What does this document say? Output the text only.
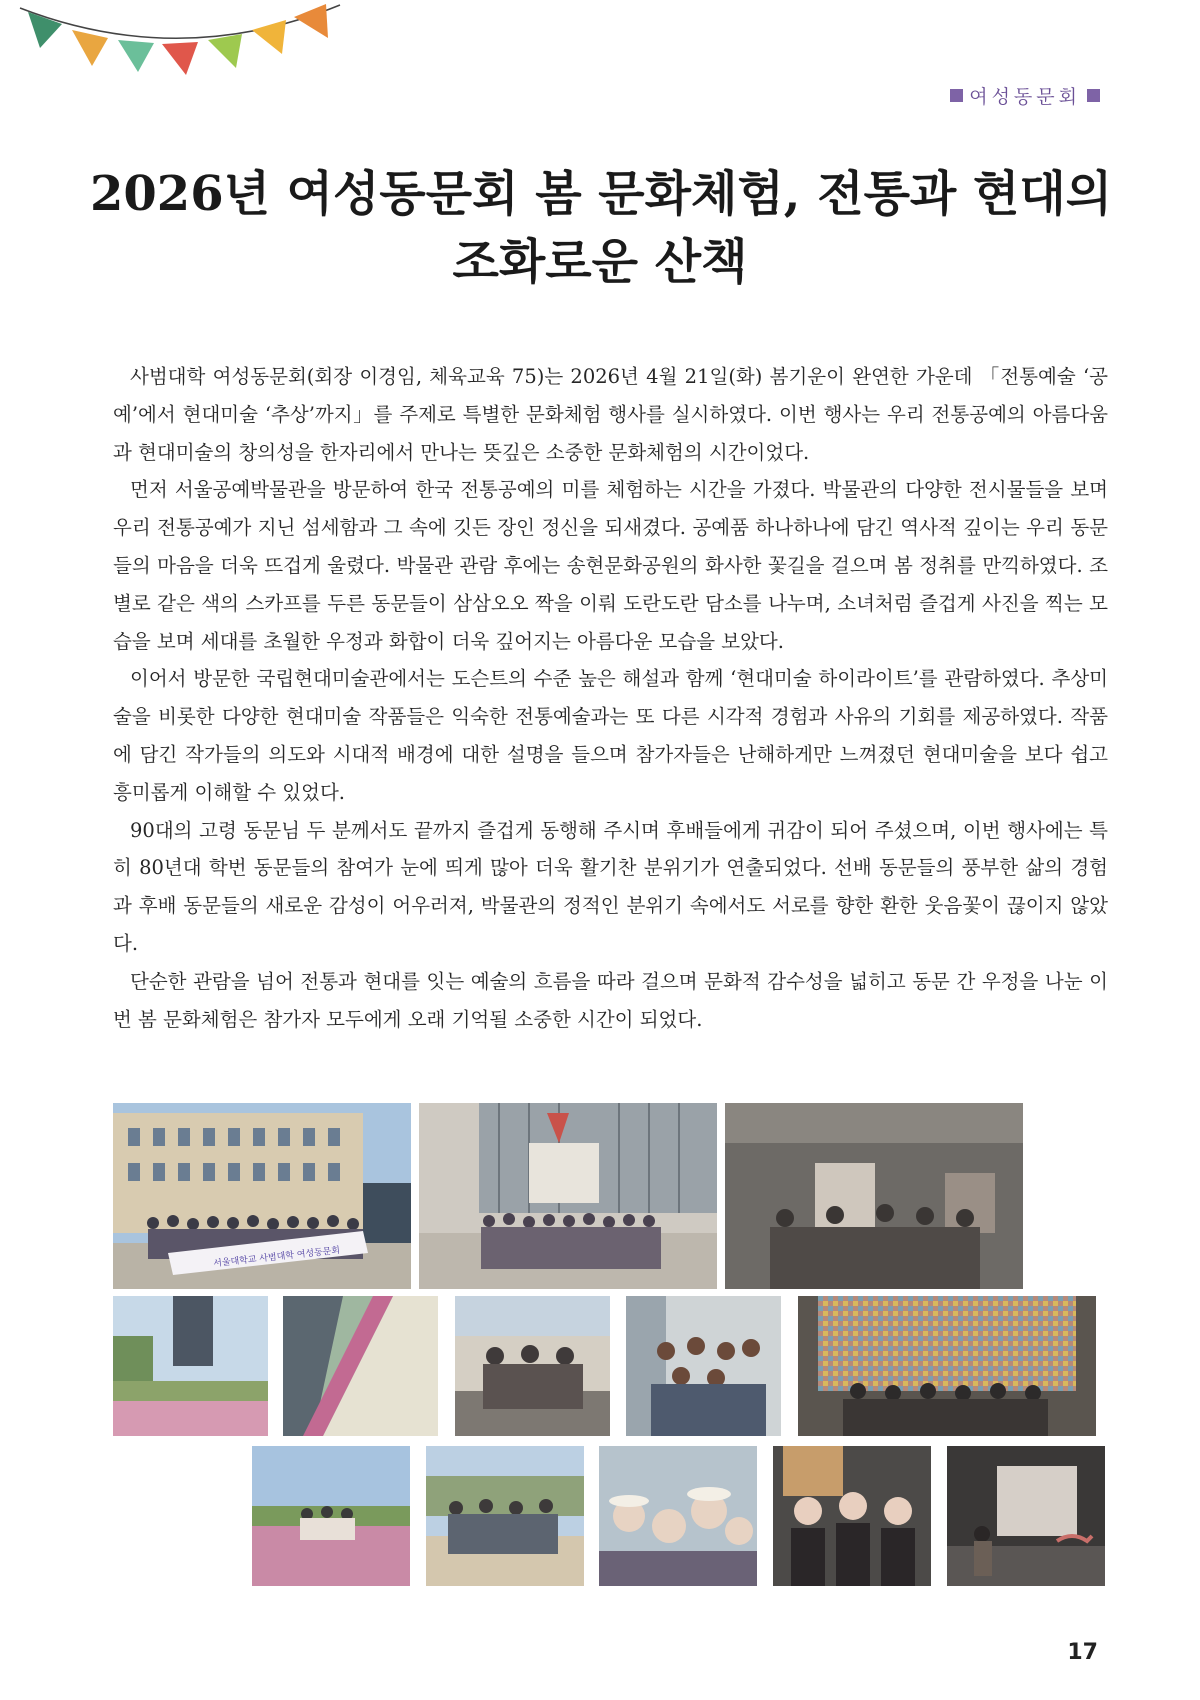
여성동문회
2026년 여성동문회 봄 문화체험, 전통과 현대의
조화로운 산책

사범대학 여성동문회(회장 이경임, 체육교육 75)는 2026년 4월 21일(화) 봄기운이 완연한 가운데 「전통예술 ‘공예’에서 현대미술 ‘추상’까지」를 주제로 특별한 문화체험 행사를 실시하였다. 이번 행사는 우리 전통공예의 아름다움과 현대미술의 창의성을 한자리에서 만나는 뜻깊은 소중한 문화체험의 시간이었다.

먼저 서울공예박물관을 방문하여 한국 전통공예의 미를 체험하는 시간을 가졌다. 박물관의 다양한 전시물들을 보며 우리 전통공예가 지닌 섬세함과 그 속에 깃든 장인 정신을 되새겼다. 공예품 하나하나에 담긴 역사적 깊이는 우리 동문들의 마음을 더욱 뜨겁게 울렸다. 박물관 관람 후에는 송현문화공원의 화사한 꽃길을 걸으며 봄 정취를 만끽하였다. 조별로 같은 색의 스카프를 두른 동문들이 삼삼오오 짝을 이뤄 도란도란 담소를 나누며, 소녀처럼 즐겁게 사진을 찍는 모습을 보며 세대를 초월한 우정과 화합이 더욱 깊어지는 아름다운 모습을 보았다.

이어서 방문한 국립현대미술관에서는 도슨트의 수준 높은 해설과 함께 ‘현대미술 하이라이트’를 관람하였다. 추상미술을 비롯한 다양한 현대미술 작품들은 익숙한 전통예술과는 또 다른 시각적 경험과 사유의 기회를 제공하였다. 작품에 담긴 작가들의 의도와 시대적 배경에 대한 설명을 들으며 참가자들은 난해하게만 느껴졌던 현대미술을 보다 쉽고 흥미롭게 이해할 수 있었다.

90대의 고령 동문님 두 분께서도 끝까지 즐겁게 동행해 주시며 후배들에게 귀감이 되어 주셨으며, 이번 행사에는 특히 80년대 학번 동문들의 참여가 눈에 띄게 많아 더욱 활기찬 분위기가 연출되었다. 선배 동문들의 풍부한 삶의 경험과 후배 동문들의 새로운 감성이 어우러져, 박물관의 정적인 분위기 속에서도 서로를 향한 환한 웃음꽃이 끊이지 않았다.

단순한 관람을 넘어 전통과 현대를 잇는 예술의 흐름을 따라 걸으며 문화적 감수성을 넓히고 동문 간 우정을 나눈 이번 봄 문화체험은 참가자 모두에게 오래 기억될 소중한 시간이 되었다.

서울대학교 사범대학 여성동문회
17
